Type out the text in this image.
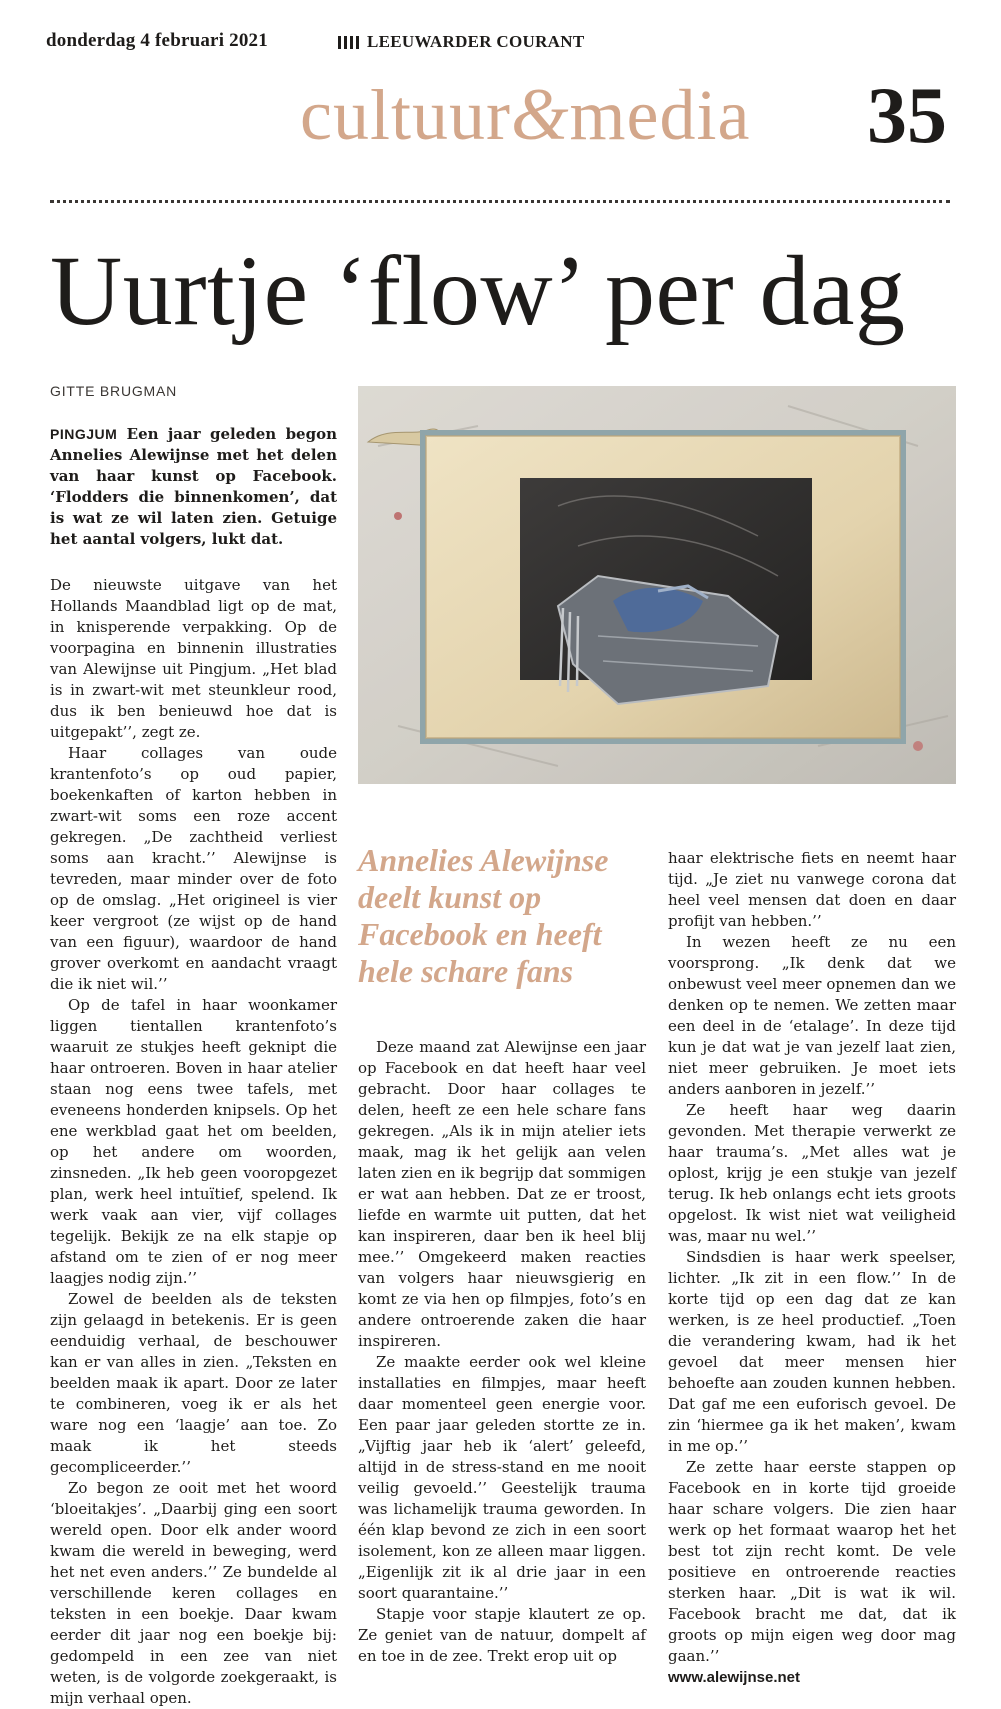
donderdag 4 februari 2021	LEEUWARDER COURANT
cultuur&media 35
Uurtje ‘flow’ per dag
GITTE BRUGMAN
PINGJUM Een jaar geleden begon Annelies Alewijnse met het delen van haar kunst op Facebook. ‘Flodders die binnenkomen’, dat is wat ze wil laten zien. Getuige het aantal volgers, lukt dat.

De nieuwste uitgave van het Hollands Maandblad ligt op de mat, in knisperende verpakking. Op de voorpagina en binnenin illustraties van Alewijnse uit Pingjum. „Het blad is in zwart-wit met steunkleur rood, dus ik ben benieuwd hoe dat is uitgepakt’’, zegt ze.

Haar collages van oude krantenfoto’s op oud papier, boekenkaften of karton hebben in zwart-wit soms een roze accent gekregen. „De zachtheid verliest soms aan kracht.’’ Alewijnse is tevreden, maar minder over de foto op de omslag. „Het origineel is vier keer vergroot (ze wijst op de hand van een figuur), waardoor de hand grover overkomt en aandacht vraagt die ik niet wil.’’

Op de tafel in haar woonkamer liggen tientallen krantenfoto’s waaruit ze stukjes heeft geknipt die haar ontroeren. Boven in haar atelier staan nog eens twee tafels, met eveneens honderden knipsels. Op het ene werkblad gaat het om beelden, op het andere om woorden, zinsneden. „Ik heb geen vooropgezet plan, werk heel intuïtief, spelend. Ik werk vaak aan vier, vijf collages tegelijk. Bekijk ze na elk stapje op afstand om te zien of er nog meer laagjes nodig zijn.’’

Zowel de beelden als de teksten zijn gelaagd in betekenis. Er is geen eenduidig verhaal, de beschouwer kan er van alles in zien. „Teksten en beelden maak ik apart. Door ze later te combineren, voeg ik er als het ware nog een ‘laagje’ aan toe. Zo maak ik het steeds gecompliceerder.’’

Zo begon ze ooit met het woord ‘bloeitakjes’. „Daarbij ging een soort wereld open. Door elk ander woord kwam die wereld in beweging, werd het net even anders.’’ Ze bundelde al verschillende keren collages en teksten in een boekje. Daar kwam eerder dit jaar nog een boekje bij: gedompeld in een zee van niet weten, is de volgorde zoekgeraakt, is mijn verhaal open.

Annelies Alewijnse deelt kunst op Facebook en heeft hele schare fans

Deze maand zat Alewijnse een jaar op Facebook en dat heeft haar veel gebracht. Door haar collages te delen, heeft ze een hele schare fans gekregen. „Als ik in mijn atelier iets maak, mag ik het gelijk aan velen laten zien en ik begrijp dat sommigen er wat aan hebben. Dat ze er troost, liefde en warmte uit putten, dat het kan inspireren, daar ben ik heel blij mee.’’ Omgekeerd maken reacties van volgers haar nieuwsgierig en komt ze via hen op filmpjes, foto’s en andere ontroerende zaken die haar inspireren.

Ze maakte eerder ook wel kleine installaties en filmpjes, maar heeft daar momenteel geen energie voor. Een paar jaar geleden stortte ze in. „Vijftig jaar heb ik ‘alert’ geleefd, altijd in de stress-stand en me nooit veilig gevoeld.’’ Geestelijk trauma was lichamelijk trauma geworden. In één klap bevond ze zich in een soort isolement, kon ze alleen maar liggen. „Eigenlijk zit ik al drie jaar in een soort quarantaine.’’

Stapje voor stapje klautert ze op. Ze geniet van de natuur, dompelt af en toe in de zee. Trekt erop uit op

haar elektrische fiets en neemt haar tijd. „Je ziet nu vanwege corona dat heel veel mensen dat doen en daar profijt van hebben.’’

In wezen heeft ze nu een voorsprong. „Ik denk dat we onbewust veel meer opnemen dan we denken op te nemen. We zetten maar een deel in de ‘etalage’. In deze tijd kun je dat wat je van jezelf laat zien, niet meer gebruiken. Je moet iets anders aanboren in jezelf.’’

Ze heeft haar weg daarin gevonden. Met therapie verwerkt ze haar trauma’s. „Met alles wat je oplost, krijg je een stukje van jezelf terug. Ik heb onlangs echt iets groots opgelost. Ik wist niet wat veiligheid was, maar nu wel.’’

Sindsdien is haar werk speelser, lichter. „Ik zit in een flow.’’ In de korte tijd op een dag dat ze kan werken, is ze heel productief. „Toen die verandering kwam, had ik het gevoel dat meer mensen hier behoefte aan zouden kunnen hebben. Dat gaf me een euforisch gevoel. De zin ‘hiermee ga ik het maken’, kwam in me op.’’

Ze zette haar eerste stappen op Facebook en in korte tijd groeide haar schare volgers. Die zien haar werk op het formaat waarop het het best tot zijn recht komt. De vele positieve en ontroerende reacties sterken haar. „Dit is wat ik wil. Facebook bracht me dat, dat ik groots op mijn eigen weg door mag gaan.’’

www.alewijnse.net
